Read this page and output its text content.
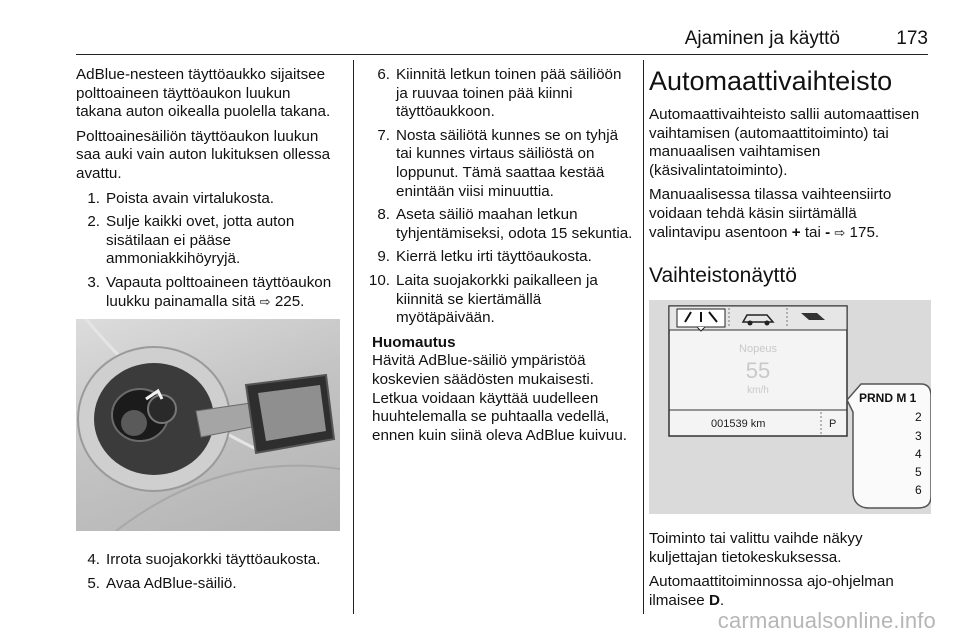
Ajaminen ja käyttö	173

AdBlue-nesteen täyttöaukko sijaitsee polttoaineen täyttöaukon luukun takana auton oikealla puolella takana.

Polttoainesäiliön täyttöaukon luukun saa auki vain auton lukituksen ollessa avattu.

1. Poista avain virtalukosta.
2. Sulje kaikki ovet, jotta auton sisätilaan ei pääse ammoniakkihöyryjä.
3. Vapauta polttoaineen täyttöaukon luukku painamalla sitä ⇨ 225.
4. Irrota suojakorkki täyttöaukosta.
5. Avaa AdBlue-säiliö.
6. Kiinnitä letkun toinen pää säiliöön ja ruuvaa toinen pää kiinni täyttöaukkoon.
7. Nosta säiliötä kunnes se on tyhjä tai kunnes virtaus säiliöstä on loppunut. Tämä saattaa kestää enintään viisi minuuttia.
8. Aseta säiliö maahan letkun tyhjentämiseksi, odota 15 sekuntia.
9. Kierrä letku irti täyttöaukosta.
10. Laita suojakorkki paikalleen ja kiinnitä se kiertämällä myötäpäivään.
Huomautus
Hävitä AdBlue-säiliö ympäristöä koskevien säädösten mukaisesti. Letkua voidaan käyttää uudelleen huuhtelemalla se puhtaalla vedellä, ennen kuin siinä oleva AdBlue kuivuu.
Automaattivaihteisto

Automaattivaihteisto sallii automaattisen vaihtamisen (automaattitoiminto) tai manuaalisen vaihtamisen (käsivalintatoiminto).

Manuaalisessa tilassa vaihteensiirto voidaan tehdä käsin siirtämällä valintavipu asentoon + tai - ⇨ 175.

Vaihteistonäyttö
Nopeus
55
km/h
001539 km	P
PRND M 1
2
3
4
5
6

Toiminto tai valittu vaihde näkyy kuljettajan tietokeskuksessa.

Automaattitoiminnossa ajo-ohjelman ilmaisee D.

carmanualsonline.info
